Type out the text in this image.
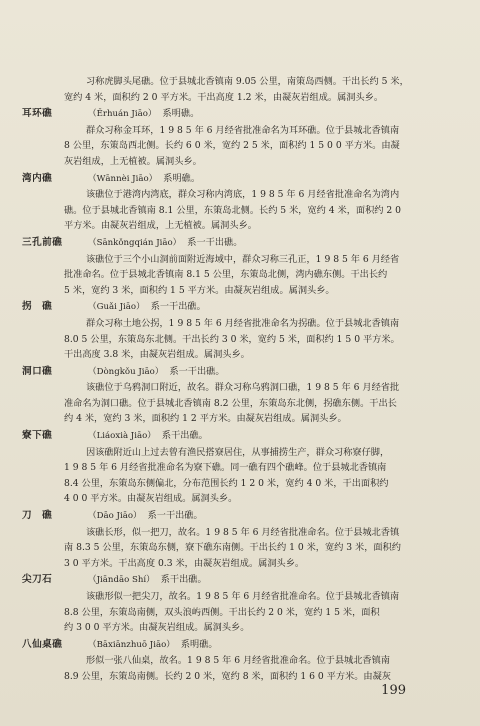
习称虎脚头尾礁。位于县城北香镇南 9.05 公里，南策岛西侧。干出长约 5 米，
宽约 4 米，面积约 2 0 平方米。干出高度 1.2 米，由凝灰岩组成。属洞头乡。
耳环礁	（Ěrhuán Jiāo） 系明礁。
群众习称金耳环，1 9 8 5 年 6 月经省批准命名为耳环礁。位于县城北香镇南
8 公里，东策岛西北侧。长约 6 0 米，宽约 2 5 米，面积约 1 5 0 0 平方米。由凝
灰岩组成，上无植被。属洞头乡。
湾内礁	（Wānnèi Jiāo） 系明礁。
该礁位于港湾内湾底，群众习称内湾底，1 9 8 5 年 6 月经省批准命名为湾内
礁。位于县城北香镇南 8.1 公里，东策岛北侧。长约 5 米，宽约 4 米，面积约 2 0
平方米。由凝灰岩组成，上无植被。属洞头乡。
三孔前礁	（Sānkǒngqián Jiāo） 系一干出礁。
该礁位于三个小山洞前面附近海域中，群众习称三孔正，1 9 8 5 年 6 月经省
批准命名。位于县城北香镇南 8.1 5 公里，东策岛北侧，湾内礁东侧。干出长约
5 米，宽约 3 米，面积约 1 5 平方米。由凝灰岩组成。属洞头乡。
拐　礁	（Guǎi Jiāo） 系一干出礁。
群众习称土地公拐，1 9 8 5 年 6 月经省批准命名为拐礁。位于县城北香镇南
8.0 5 公里，东策岛东北侧。干出长约 3 0 米，宽约 5 米，面积约 1 5 0 平方米。
干出高度 3.8 米，由凝灰岩组成。属洞头乡。
洞口礁	（Dòngkǒu Jiāo） 系一干出礁。
该礁位于乌鸦洞口附近，故名。群众习称乌鸦洞口礁，1 9 8 5 年 6 月经省批
准命名为洞口礁。位于县城北香镇南 8.2 公里，东策岛东北侧，拐礁东侧。干出长
约 4 米，宽约 3 米，面积约 1 2 平方米。由凝灰岩组成。属洞头乡。
寮下礁	（Liáoxià Jiāo） 系干出礁。
因该礁附近山上过去曾有渔民搭寮居住，从事捕捞生产，群众习称寮仔脚，
1 9 8 5 年 6 月经省批准命名为寮下礁。同一礁有四个礁峰。位于县城北香镇南
8.4 公里，东策岛东侧偏北，分布范围长约 1 2 0 米，宽约 4 0 米，干出面积约
4 0 0 平方米。由凝灰岩组成。属洞头乡。
刀　礁	（Dāo Jiāo） 系一干出礁。
该礁长形，似一把刀，故名。1 9 8 5 年 6 月经省批准命名。位于县城北香镇
南 8.3 5 公里，东策岛东侧，寮下礁东南侧。干出长约 1 0 米，宽约 3 米，面积约
3 0 平方米。干出高度 0.3 米，由凝灰岩组成。属洞头乡。
尖刀石	（Jiāndāo Shí） 系干出礁。
该礁形似一把尖刀，故名。1 9 8 5 年 6 月经省批准命名。位于县城北香镇南
8.8 公里，东策岛南侧，双头浪屿西侧。干出长约 2 0 米，宽约 1 5 米，面积
约 3 0 0 平方米。由凝灰岩组成。属洞头乡。
八仙桌礁	（Bāxiānzhuō Jiāo） 系明礁。
形似一张八仙桌，故名。1 9 8 5 年 6 月经省批准命名。位于县城北香镇南
8.9 公里，东策岛南侧。长约 2 0 米，宽约 8 米，面积约 1 6 0 平方米。由凝灰
199
